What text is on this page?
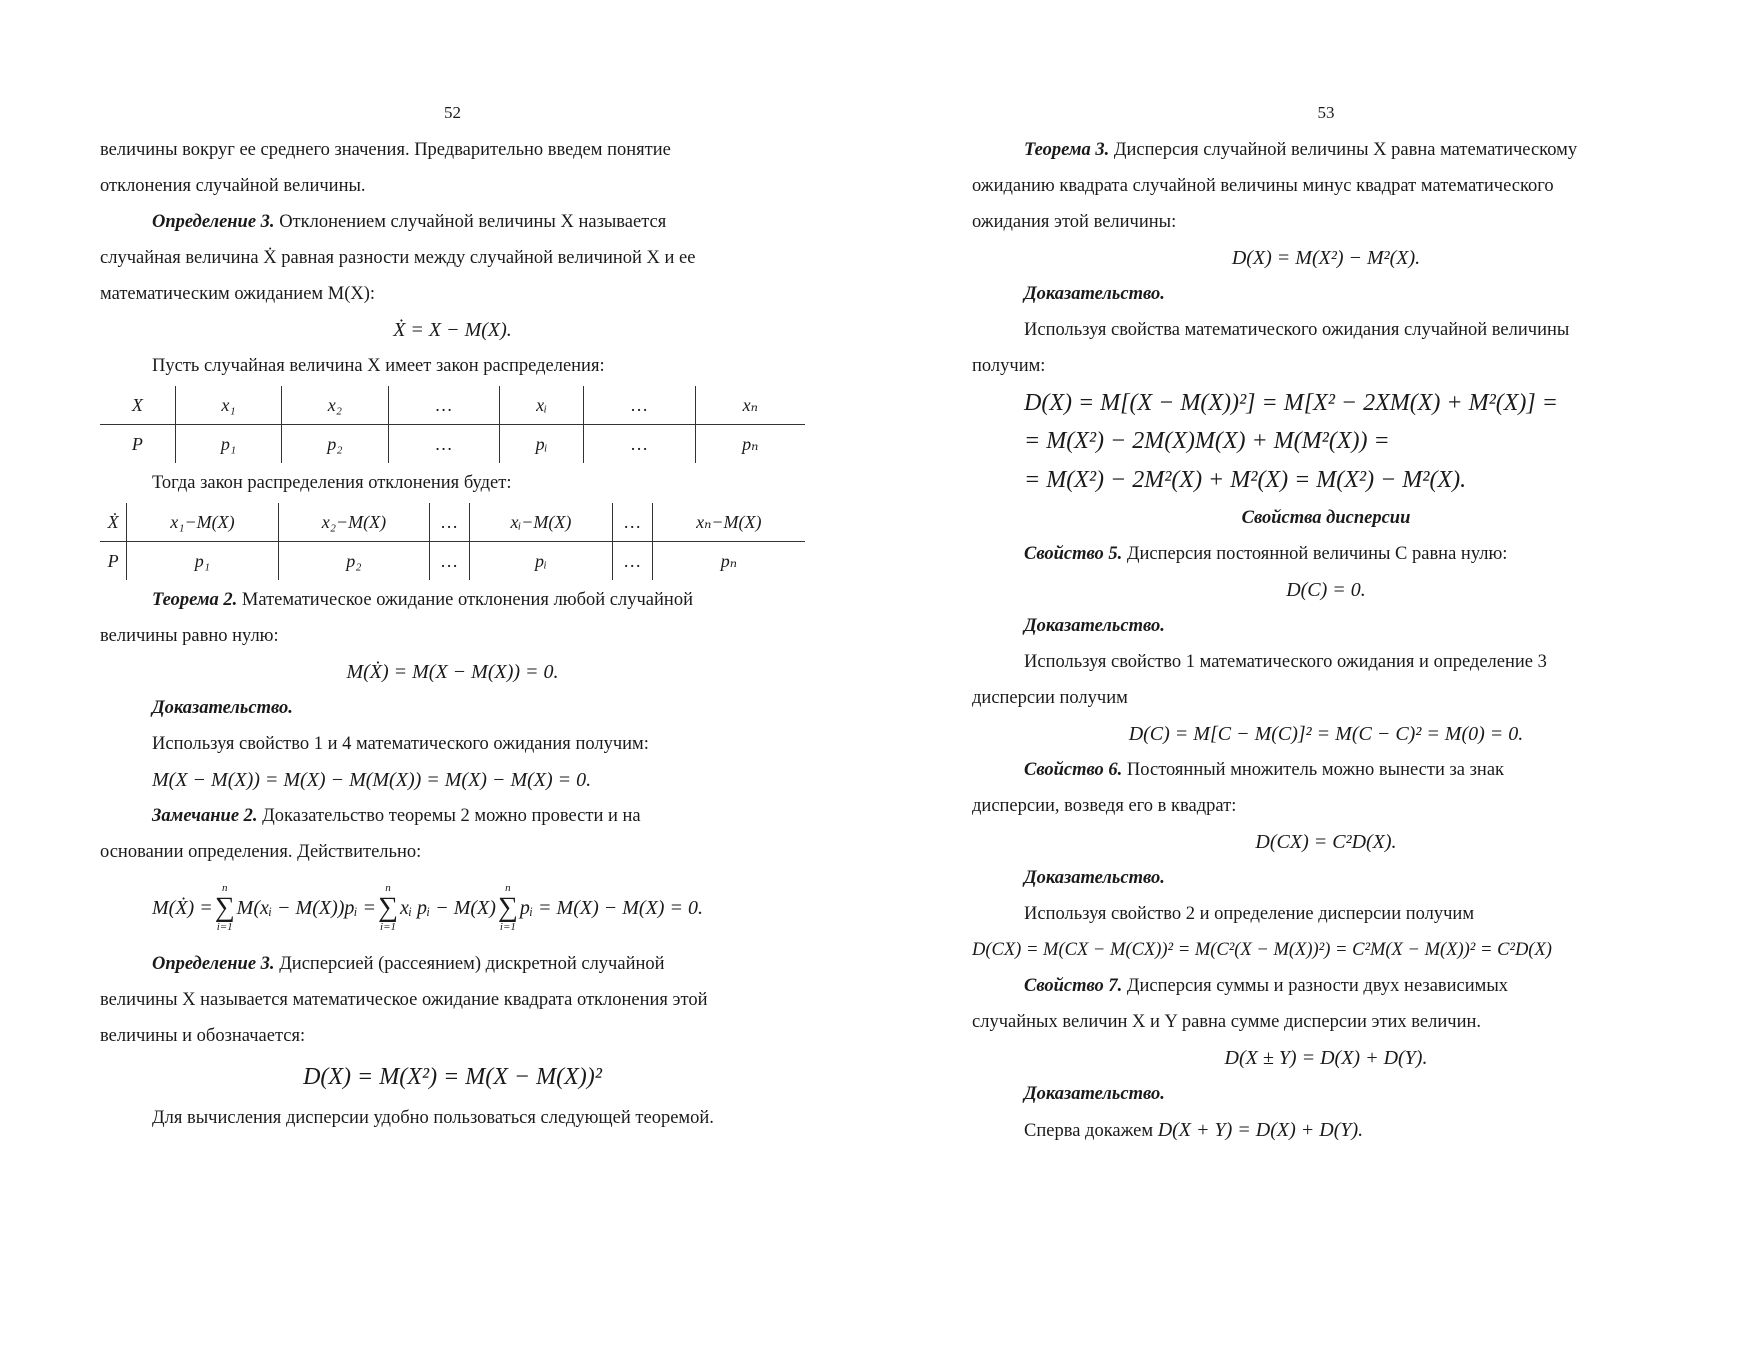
52

величины вокруг ее среднего значения. Предварительно введем понятие

отклонения случайной величины.

Определение 3. Отклонением случайной величины X называется

случайная величина Ẋ равная разности между случайной величиной X и ее

математическим ожиданием M(X):

Ẋ = X − M(X).

Пусть случайная величина X имеет закон распределения:

X	x₁	x₂	…	xᵢ	…	xₙ
P	p₁	p₂	…	pᵢ	…	pₙ

Тогда закон распределения отклонения будет:

Ẋ	x₁−M(X)	x₂−M(X)	…	xᵢ−M(X)	…	xₙ−M(X)
P	p₁	p₂	…	pᵢ	…	pₙ

Теорема 2. Математическое ожидание отклонения любой случайной

величины равно нулю:

M(Ẋ) = M(X − M(X)) = 0.

Доказательство.

Используя свойство 1 и 4 математического ожидания получим:

M(X − M(X)) = M(X) − M(M(X)) = M(X) − M(X) = 0.

Замечание 2. Доказательство теоремы 2 можно провести и на

основании определения. Действительно:

M(Ẋ) =
n
∑
i=1
M(xᵢ − M(X))pᵢ =
n
∑
i=1
xᵢ pᵢ − M(X)
n
∑
i=1
pᵢ = M(X) − M(X) = 0.

Определение 3. Дисперсией (рассеянием) дискретной случайной

величины X называется математическое ожидание квадрата отклонения этой

величины и обозначается:

D(X) = M(X²) = M(X − M(X))²

Для вычисления дисперсии удобно пользоваться следующей теоремой.

53

Теорема 3. Дисперсия случайной величины X равна математическому

ожиданию квадрата случайной величины минус квадрат математического

ожидания этой величины:

D(X) = M(X²) − M²(X).

Доказательство.

Используя свойства математического ожидания случайной величины

получим:

D(X) = M[(X − M(X))²] = M[X² − 2XM(X) + M²(X)] =

= M(X²) − 2M(X)M(X) + M(M²(X)) =

= M(X²) − 2M²(X) + M²(X) = M(X²) − M²(X).

Свойства дисперсии

Свойство 5. Дисперсия постоянной величины C равна нулю:

D(C) = 0.

Доказательство.

Используя свойство 1 математического ожидания и определение 3

дисперсии получим

D(C) = M[C − M(C)]² = M(C − C)² = M(0) = 0.

Свойство 6. Постоянный множитель можно вынести за знак

дисперсии, возведя его в квадрат:

D(CX) = C²D(X).

Доказательство.

Используя свойство 2 и определение дисперсии получим

D(CX) = M(CX − M(CX))² = M(C²(X − M(X))²) = C²M(X − M(X))² = C²D(X)

Свойство 7. Дисперсия суммы и разности двух независимых

случайных величин X и Y равна сумме дисперсии этих величин.

D(X ± Y) = D(X) + D(Y).

Доказательство.

Сперва докажем D(X + Y) = D(X) + D(Y).
